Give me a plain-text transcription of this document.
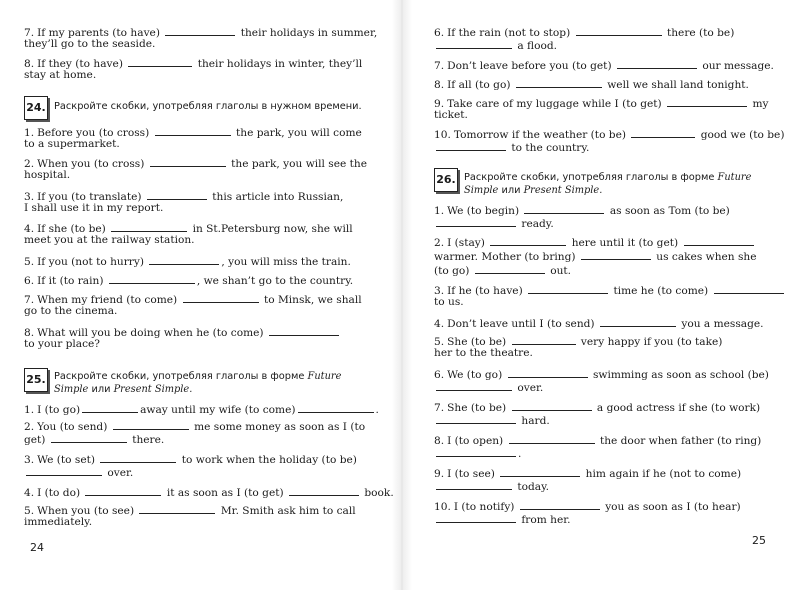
7. If my parents (to have)	their holidays in summer,
they’ll go to the seaside.
8. If they (to have)	their holidays in winter, they’ll
stay at home.
24. Раскройте скобки, употребляя глаголы в нужном времени.
1. Before you (to cross)	the park, you will come
to a supermarket.
2. When you (to cross)	the park, you will see the
hospital.
3. If you (to translate)	this article into Russian,
I shall use it in my report.
4. If she (to be)	in St.Petersburg now, she will
meet you at the railway station.
5. If you (not to hurry)	, you will miss the train.
6. If it (to rain)	, we shan’t go to the country.
7. When my friend (to come)	to Minsk, we shall
go to the cinema.
8. What will you be doing when he (to come)
to your place?
25. Раскройте скобки, употребляя глаголы в форме Future
Simple или Present Simple.
1. I (to go)	away until my wife (to come)	.
2. You (to send)	me some money as soon as I (to
get)	there.
3. We (to set)	to work when the holiday (to be)
over.
4. I (to do)	it as soon as I (to get)	book.
5. When you (to see)	Mr. Smith ask him to call
immediately.
24
6. If the rain (not to stop)	there (to be)
a flood.
7. Don’t leave before you (to get)	our message.
8. If all (to go)	well we shall land tonight.
9. Take care of my luggage while I (to get)	my
ticket.
10. Tomorrow if the weather (to be)	good we (to be)
to the country.
26. Раскройте скобки, употребляя глаголы в форме Future
Simple или Present Simple.
1. We (to begin)	as soon as Tom (to be)
ready.
2. I (stay)	here until it (to get)
warmer. Mother (to bring)	us cakes when she
(to go)	out.
3. If he (to have)	time he (to come)
to us.
4. Don’t leave until I (to send)	you a message.
5. She (to be)	very happy if you (to take)
her to the theatre.
6. We (to go)	swimming as soon as school (be)
over.
7. She (to be)	a good actress if she (to work)
hard.
8. I (to open)	the door when father (to ring)
.
9. I (to see)	him again if he (not to come)
today.
10. I (to notify)	you as soon as I (to hear)
from her.
25
